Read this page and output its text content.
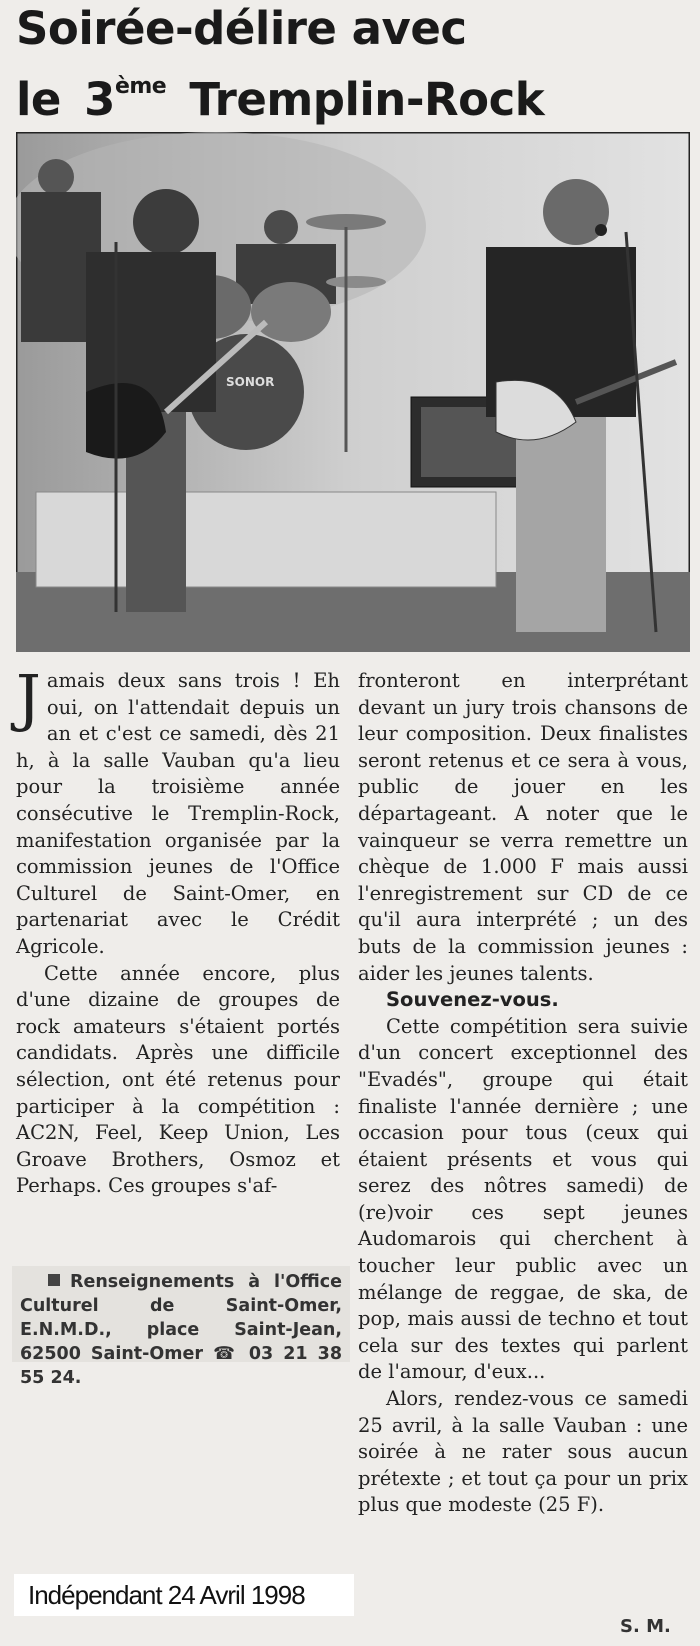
Soirée-délire avec
le 3ème Tremplin-Rock
SONOR

Jamais deux sans trois ! Eh oui, on l'attendait depuis un an et c'est ce samedi, dès 21 h, à la salle Vauban qu'a lieu pour la troisième année consécutive le Tremplin-Rock, manifestation organisée par la commission jeunes de l'Office Culturel de Saint-Omer, en partenariat avec le Crédit Agricole.

Cette année encore, plus d'une dizaine de groupes de rock amateurs s'étaient portés candidats. Après une difficile sélection, ont été retenus pour participer à la compétition : AC2N, Feel, Keep Union, Les Groave Brothers, Osmoz et Perhaps. Ces groupes s'af-

fronteront en interprétant devant un jury trois chansons de leur composition. Deux finalistes seront retenus et ce sera à vous, public de jouer en les départageant. A noter que le vainqueur se verra remettre un chèque de 1.000 F mais aussi l'enregistrement sur CD de ce qu'il aura interprété ; un des buts de la commission jeunes : aider les jeunes talents.

Souvenez-vous.

Cette compétition sera suivie d'un concert exceptionnel des "Evadés", groupe qui était finaliste l'année dernière ; une occasion pour tous (ceux qui étaient présents et vous qui serez des nôtres samedi) de (re)voir ces sept jeunes Audomarois qui cherchent à toucher leur public avec un mélange de reggae, de ska, de pop, mais aussi de techno et tout cela sur des textes qui parlent de l'amour, d'eux...

Alors, rendez-vous ce samedi 25 avril, à la salle Vauban : une soirée à ne rater sous aucun prétexte ; et tout ça pour un prix plus que modeste (25 F).

Renseignements à l'Office Culturel de Saint-Omer, E.N.M.D., place Saint-Jean, 62500 Saint-Omer ☎ 03 21 38 55 24.
Indépendant 24 Avril 1998
S. M.
